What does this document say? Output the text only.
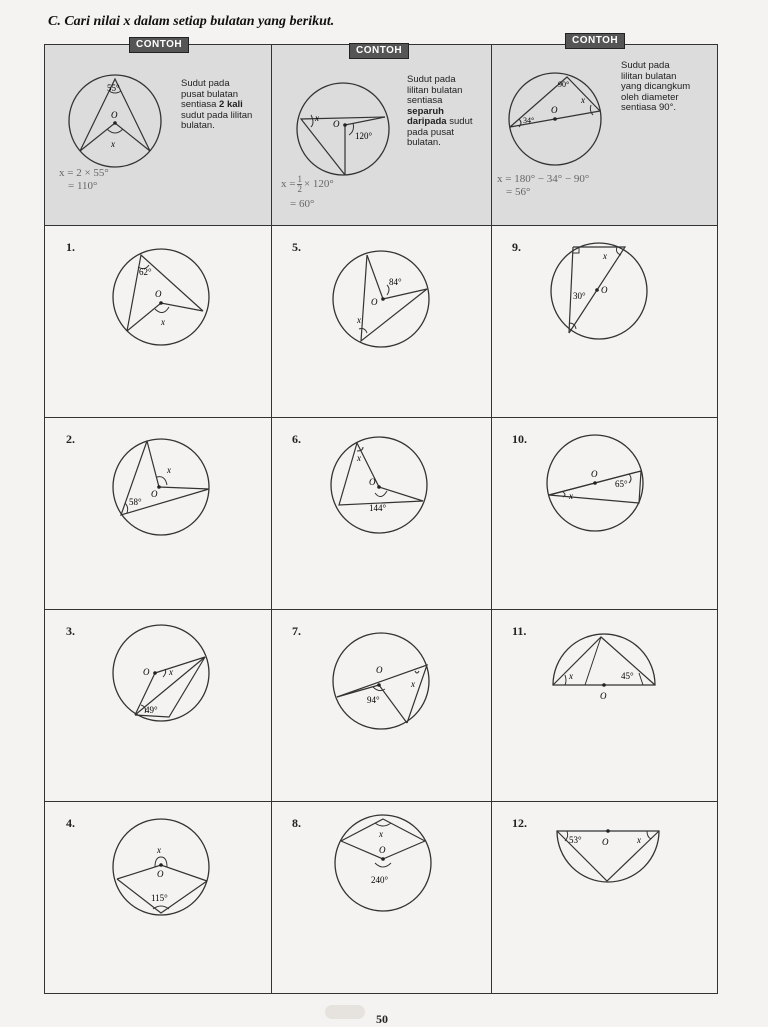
C. Cari nilai x dalam setiap bulatan yang berikut.
CONTOH
55°
O
x
Sudut pada
pusat bulatan
sentiasa 2 kali
sudut pada lilitan
bulatan.
x = 2 × 55°
= 110°
CONTOH
x
O
120°
Sudut pada
lilitan bulatan
sentiasa
separuh
daripada sudut
pada pusat
bulatan.
$x = \frac{1}{2} \times 120^\circ$
= 60°
CONTOH
90°
34°
O
x
Sudut pada
lilitan bulatan
yang dicangkum
oleh diameter
sentiasa 90°.
x = 180° − 34° − 90°
= 56°
1.
62°
O
x
5.
84°
O
x
9.
x
30°
O
2.
x
O
58°
6.
x
O
144°
10.
O
65°
x
3.
O x
49°
7.
O
x
94°
11.
x	45°
O
4.
x
O
115°
8.
x
O
240°
12.
53° O	x
50
